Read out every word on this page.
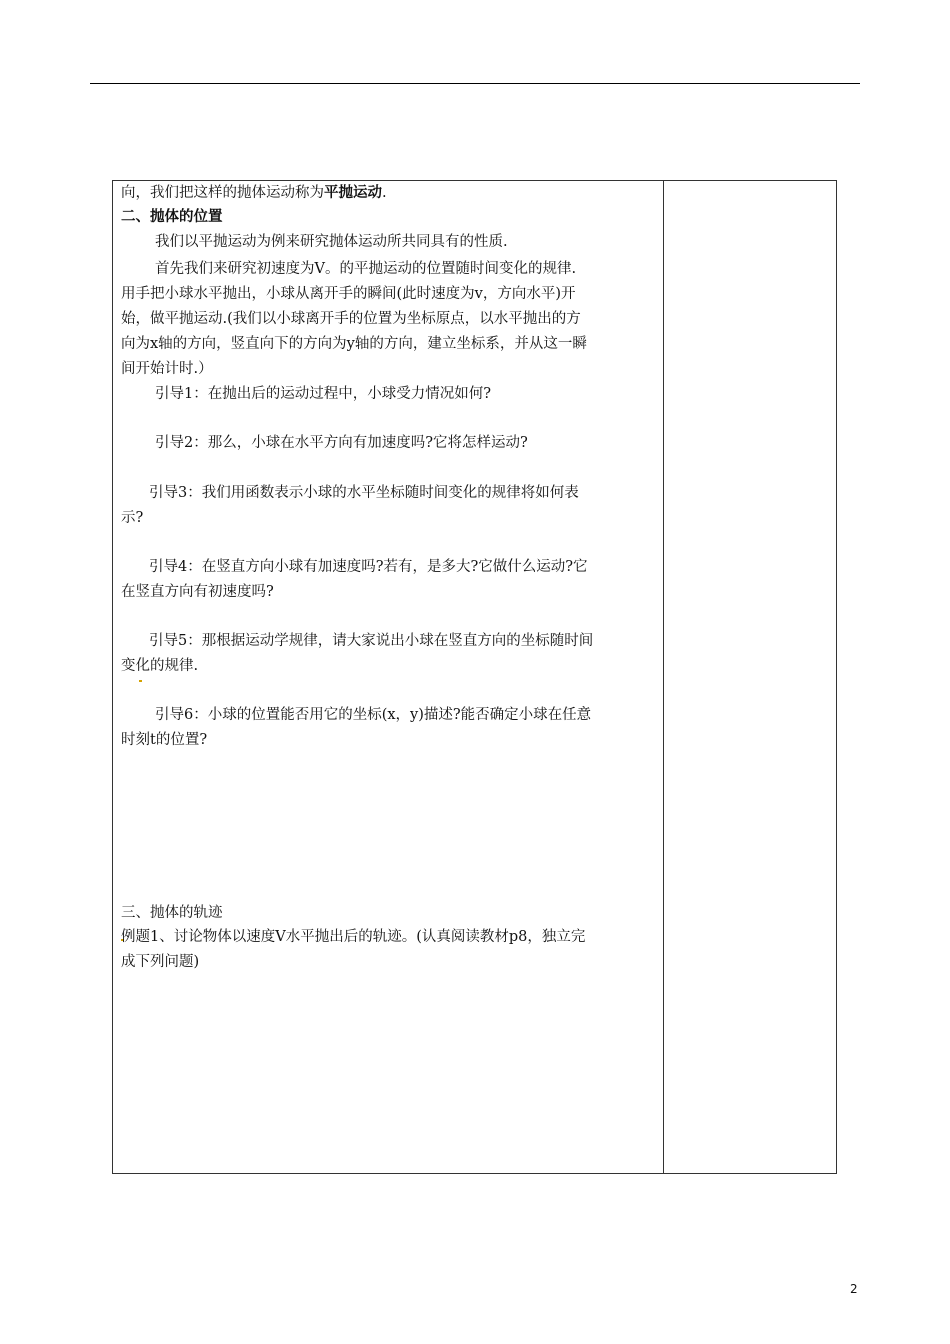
向，我们把这样的抛体运动称为平抛运动.
二、抛体的位置
我们以平抛运动为例来研究抛体运动所共同具有的性质.
首先我们来研究初速度为V。的平抛运动的位置随时间变化的规律.
用手把小球水平抛出，小球从离开手的瞬间(此时速度为v，方向水平)开
始，做平抛运动.(我们以小球离开手的位置为坐标原点，以水平抛出的方
向为x轴的方向，竖直向下的方向为y轴的方向，建立坐标系，并从这一瞬
间开始计时.）
引导1：在抛出后的运动过程中，小球受力情况如何?
引导2：那么，小球在水平方向有加速度吗?它将怎样运动?
引导3：我们用函数表示小球的水平坐标随时间变化的规律将如何表
示?
引导4：在竖直方向小球有加速度吗?若有，是多大?它做什么运动?它
在竖直方向有初速度吗?
引导5：那根据运动学规律，请大家说出小球在竖直方向的坐标随时间
变化的规律.
引导6：小球的位置能否用它的坐标(x，y)描述?能否确定小球在任意
时刻t的位置?
三、抛体的轨迹
例题1、讨论物体以速度V水平抛出后的轨迹。(认真阅读教材p8，独立完
成下列问题)
2
